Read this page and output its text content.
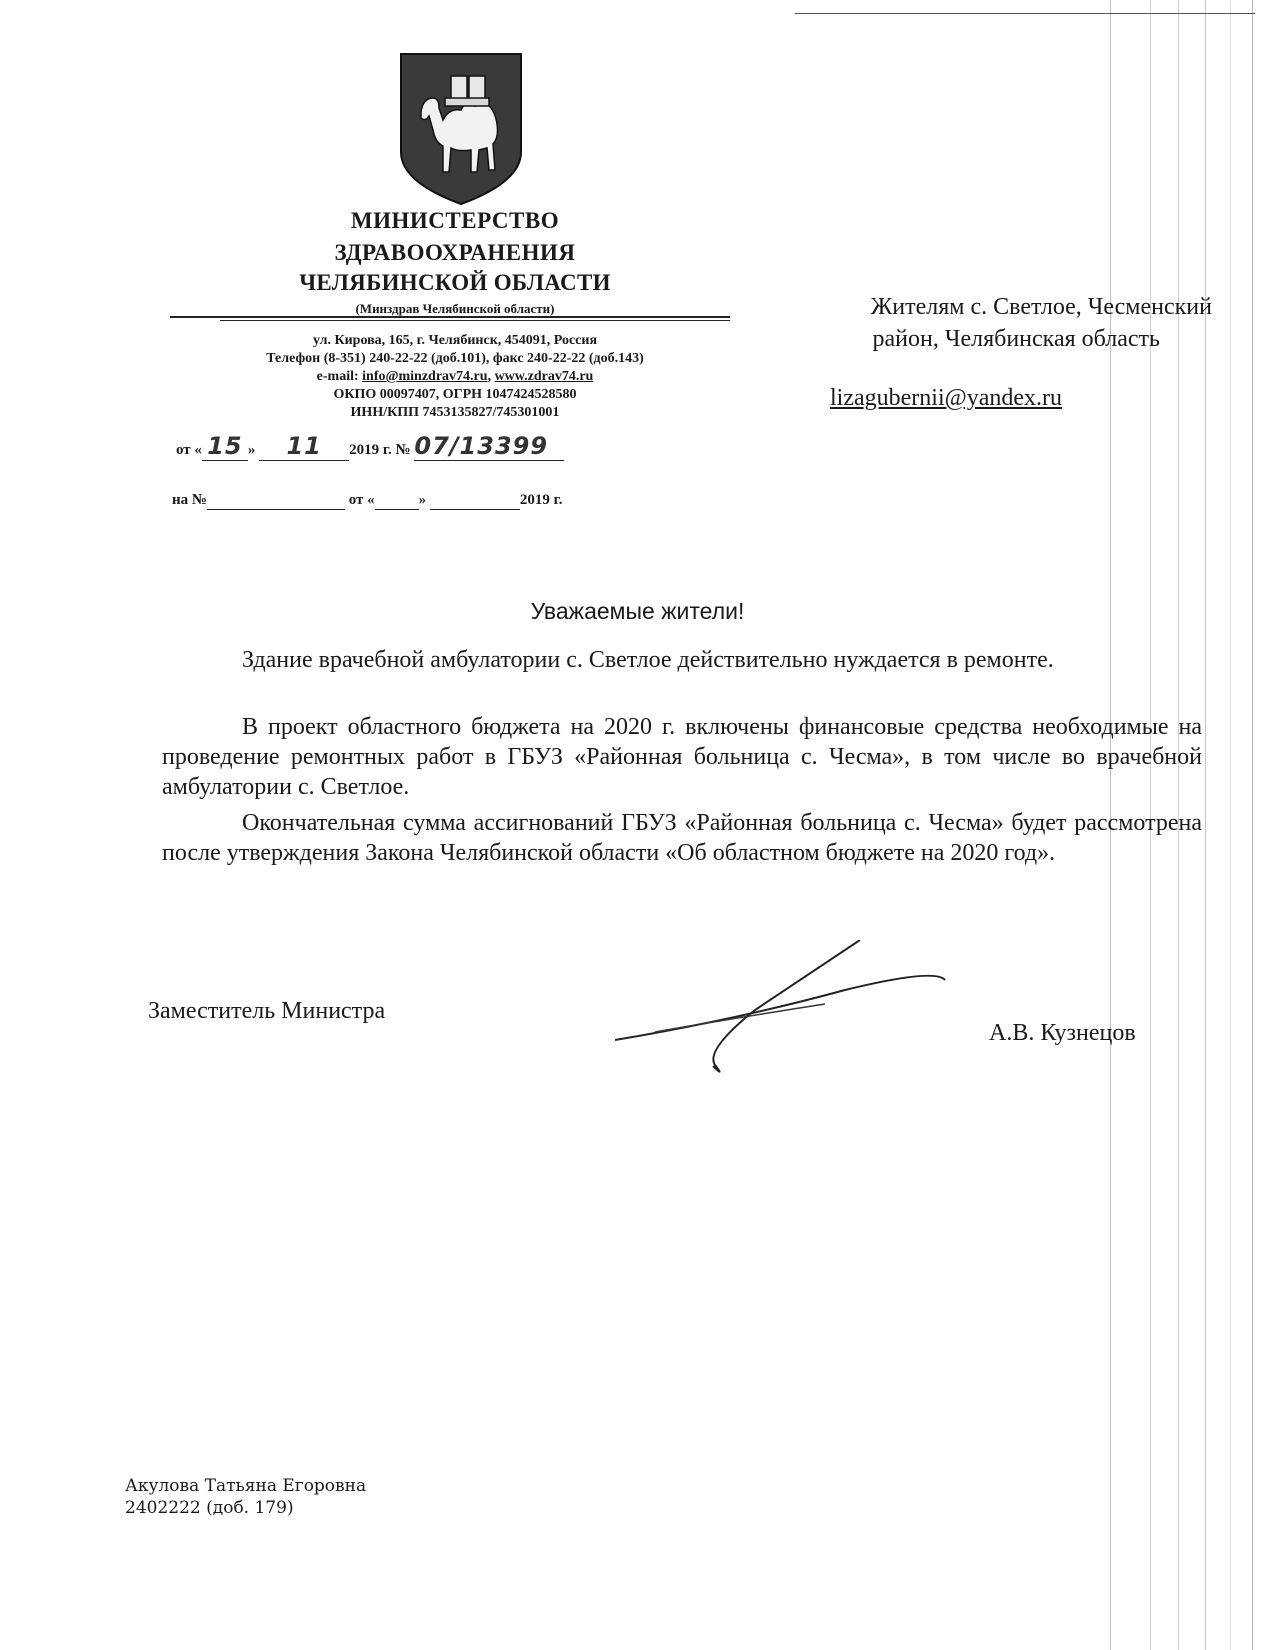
МИНИСТЕРСТВО
ЗДРАВООХРАНЕНИЯ
ЧЕЛЯБИНСКОЙ ОБЛАСТИ
(Минздрав Челябинской области)
ул. Кирова, 165, г. Челябинск, 454091, Россия
Телефон (8-351) 240-22-22 (доб.101), факс 240-22-22 (доб.143)
e-mail: info@minzdrav74.ru, www.zdrav74.ru
ОКПО 00097407, ОГРН 1047424528580
ИНН/КПП 7453135827/745301001
от « 15 » 11 2019 г. № 07/13399
на №	от «	»	2019 г.
Жителям с. Светлое, Чесменский
район, Челябинская область
lizagubernii@yandex.ru
Уважаемые жители!
Здание врачебной амбулатории с. Светлое действительно нуждается в ремонте.
В проект областного бюджета на 2020 г. включены финансовые средства необходимые на проведение ремонтных работ в ГБУЗ «Районная больница с. Чесма», в том числе во врачебной амбулатории с. Светлое.
Окончательная сумма ассигнований ГБУЗ «Районная больница с. Чесма» будет рассмотрена после утверждения Закона Челябинской области «Об областном бюджете на 2020 год».
Заместитель Министра
А.В. Кузнецов
Акулова Татьяна Егоровна
2402222 (доб. 179)
